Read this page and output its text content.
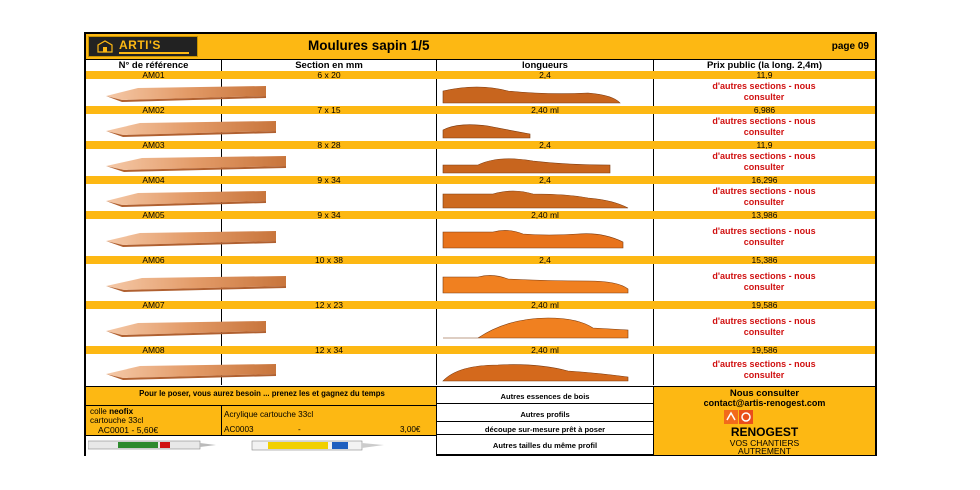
ARTI'S	Moulures sapin 1/5	page 09
N° de référence	Section en mm	longueurs	Prix public (la long. 2,4m)
AM01	6 x 20	2,4	11,9
d'autres sections - nous
consulter
AM02	7 x 15	2,40 ml	6,986
d'autres sections - nous
consulter
AM03	8 x 28	2,4	11,9
d'autres sections - nous
consulter
AM04	9 x 34	2,4	16,296
d'autres sections - nous
consulter
AM05	9 x 34	2,40 ml	13,986
d'autres sections - nous
consulter
AM06	10 x 38	2,4	15,386
d'autres sections - nous
consulter
AM07	12 x 23	2,40 ml	19,586
d'autres sections - nous
consulter
AM08	12 x 34	2,40 ml	19,586
d'autres sections - nous
consulter
Pour le poser, vous aurez besoin ... prenez les et gagnez du temps
colle neofix
cartouche 33cl
AC0001 - 5,60€
Acrylique cartouche 33cl
AC0003	-	3,00€
Autres essences de bois
Autres profils
découpe sur-mesure prêt à poser
Autres tailles du même profil
Nous consulter
contact@artis-renogest.com
RENOGEST
VOS CHANTIERS
AUTREMENT
